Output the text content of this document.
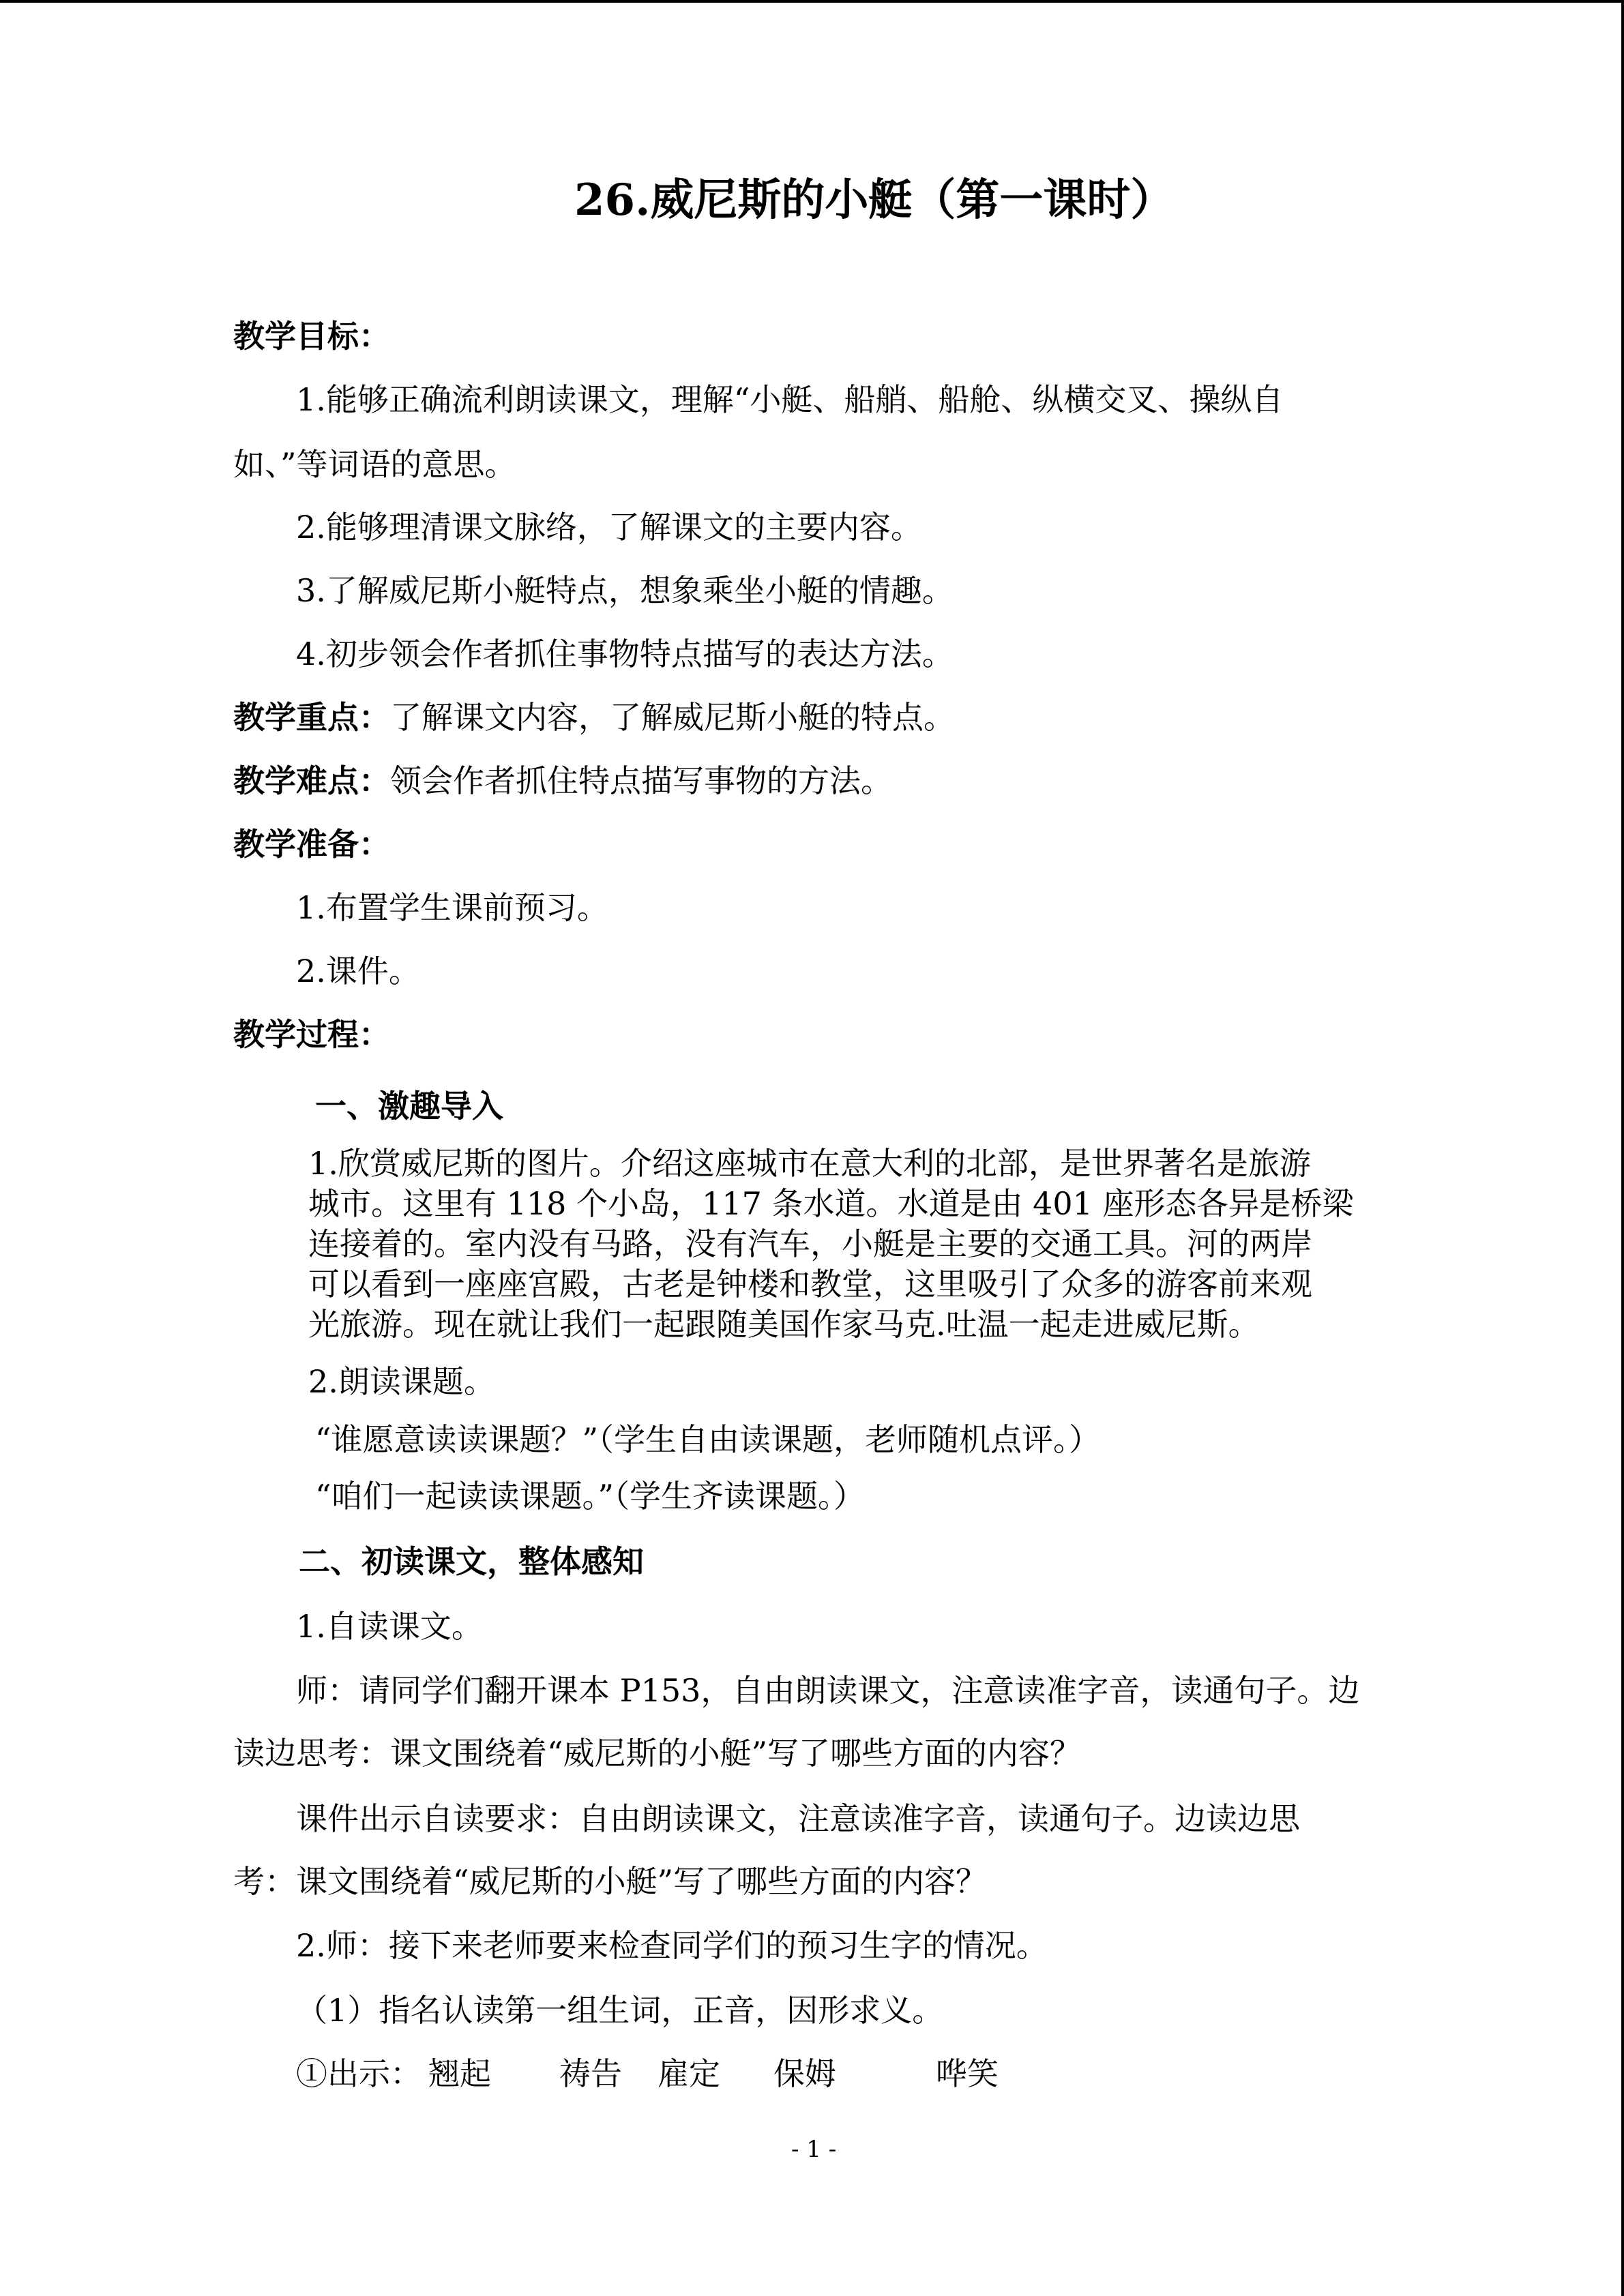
26.威尼斯的小艇（第一课时）
教学目标：
1.能够正确流利朗读课文，理解“小艇、船艄、船舱、纵横交叉、操纵自
如、”等词语的意思。
2.能够理清课文脉络，了解课文的主要内容。
3.了解威尼斯小艇特点，想象乘坐小艇的情趣。
4.初步领会作者抓住事物特点描写的表达方法。
教学重点：了解课文内容，了解威尼斯小艇的特点。
教学难点：领会作者抓住特点描写事物的方法。
教学准备：
1.布置学生课前预习。
2.课件。
教学过程：
一、激趣导入
1.欣赏威尼斯的图片。介绍这座城市在意大利的北部，是世界著名是旅游
城市。这里有 118 个小岛，117 条水道。水道是由 401 座形态各异是桥梁
连接着的。室内没有马路，没有汽车，小艇是主要的交通工具。河的两岸
可以看到一座座宫殿，古老是钟楼和教堂，这里吸引了众多的游客前来观
光旅游。现在就让我们一起跟随美国作家马克.吐温一起走进威尼斯。
2.朗读课题。
“谁愿意读读课题？”（学生自由读课题，老师随机点评。）
“咱们一起读读课题。”（学生齐读课题。）
二、初读课文，整体感知
1.自读课文。
师：请同学们翻开课本 P153，自由朗读课文，注意读准字音，读通句子。边
读边思考：课文围绕着“威尼斯的小艇”写了哪些方面的内容？
课件出示自读要求：自由朗读课文，注意读准字音，读通句子。边读边思
考：课文围绕着“威尼斯的小艇”写了哪些方面的内容？
2.师：接下来老师要来检查同学们的预习生字的情况。
（1）指名认读第一组生词，正音，因形求义。
①出示： 翘起 祷告 雇定 保姆	哗笑
- 1 -
